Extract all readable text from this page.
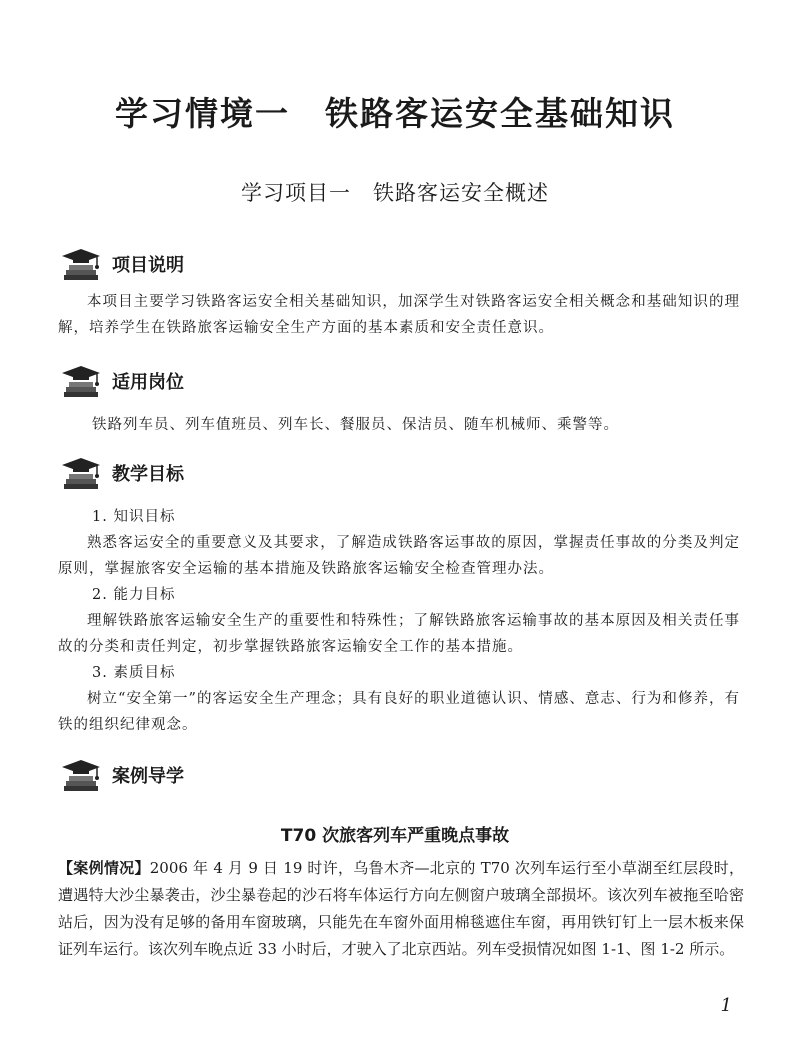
学习情境一　铁路客运安全基础知识
学习项目一　铁路客运安全概述
项目说明
本项目主要学习铁路客运安全相关基础知识，加深学生对铁路客运安全相关概念和基础知识的理解，培养学生在铁路旅客运输安全生产方面的基本素质和安全责任意识。
适用岗位
铁路列车员、列车值班员、列车长、餐服员、保洁员、随车机械师、乘警等。
教学目标
1. 知识目标
熟悉客运安全的重要意义及其要求，了解造成铁路客运事故的原因，掌握责任事故的分类及判定原则，掌握旅客安全运输的基本措施及铁路旅客运输安全检查管理办法。
2. 能力目标
理解铁路旅客运输安全生产的重要性和特殊性；了解铁路旅客运输事故的基本原因及相关责任事故的分类和责任判定，初步掌握铁路旅客运输安全工作的基本措施。
3. 素质目标
树立“安全第一”的客运安全生产理念；具有良好的职业道德认识、情感、意志、行为和修养，有铁的组织纪律观念。
案例导学
T70 次旅客列车严重晚点事故
【案例情况】2006 年 4 月 9 日 19 时许，乌鲁木齐—北京的 T70 次列车运行至小草湖至红层段时，遭遇特大沙尘暴袭击，沙尘暴卷起的沙石将车体运行方向左侧窗户玻璃全部损坏。该次列车被拖至哈密站后，因为没有足够的备用车窗玻璃，只能先在车窗外面用棉毯遮住车窗，再用铁钉钉上一层木板来保证列车运行。该次列车晚点近 33 小时后，才驶入了北京西站。列车受损情况如图 1-1、图 1-2 所示。
1
